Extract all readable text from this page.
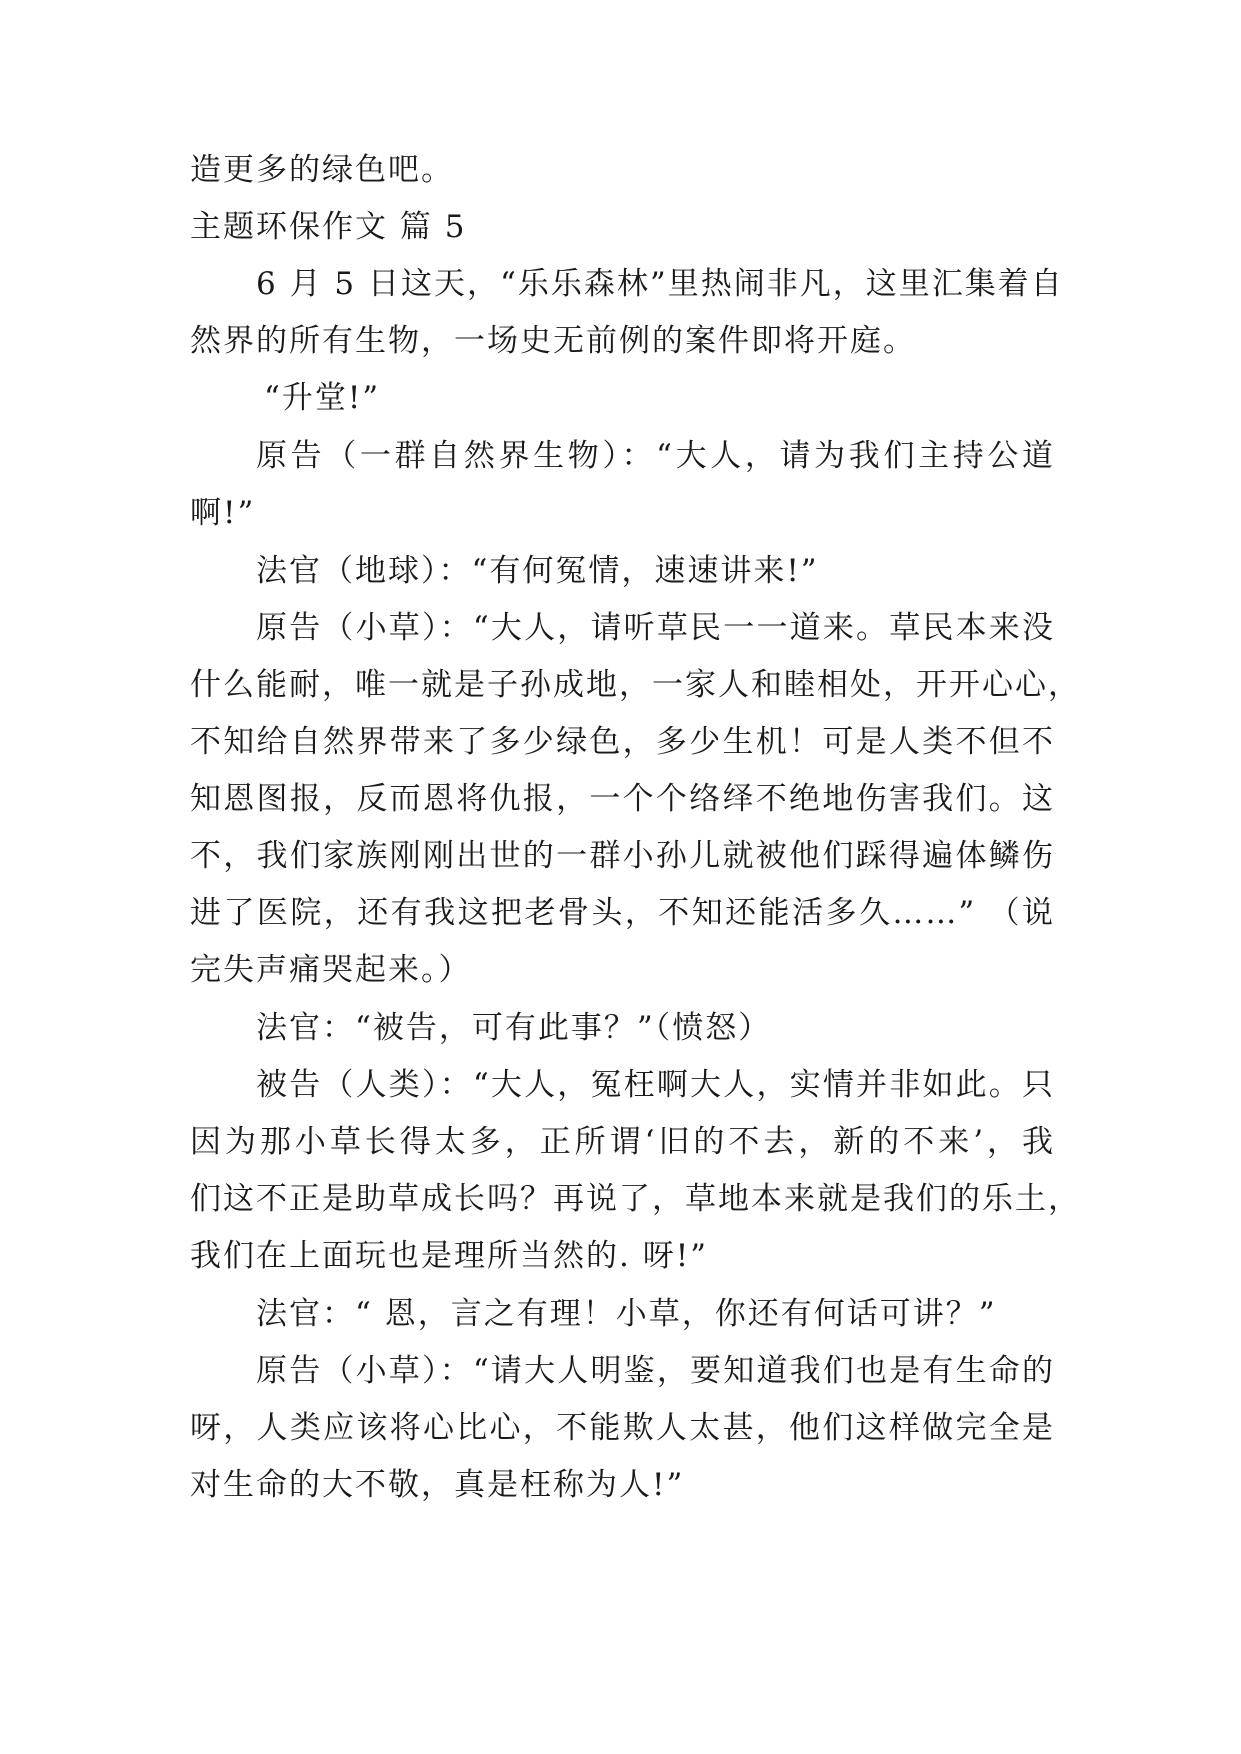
造更多的绿色吧。
主题环保作文 篇 5
6 月 5 日这天，“乐乐森林”里热闹非凡，这里汇集着自
然界的所有生物，一场史无前例的案件即将开庭。
“升堂!”
原告（一群自然界生物）：“大人，请为我们主持公道
啊!”
法官（地球）：“有何冤情，速速讲来!”
原告（小草）：“大人，请听草民一一道来。草民本来没
什么能耐，唯一就是子孙成地，一家人和睦相处，开开心心，
不知给自然界带来了多少绿色，多少生机！可是人类不但不
知恩图报，反而恩将仇报，一个个络绎不绝地伤害我们。这
不，我们家族刚刚出世的一群小孙儿就被他们踩得遍体鳞伤
进了医院，还有我这把老骨头，不知还能活多久……” （说
完失声痛哭起来。）
法官：“被告，可有此事？”（愤怒）
被告（人类）：“大人，冤枉啊大人，实情并非如此。只
因为那小草长得太多，正所谓‘旧的不去，新的不来’，我
们这不正是助草成长吗？再说了，草地本来就是我们的乐土，
我们在上面玩也是理所当然的. 呀!”
法官：“ 恩，言之有理！小草，你还有何话可讲？”
原告（小草）：“请大人明鉴，要知道我们也是有生命的
呀，人类应该将心比心，不能欺人太甚，他们这样做完全是
对生命的大不敬，真是枉称为人!”
